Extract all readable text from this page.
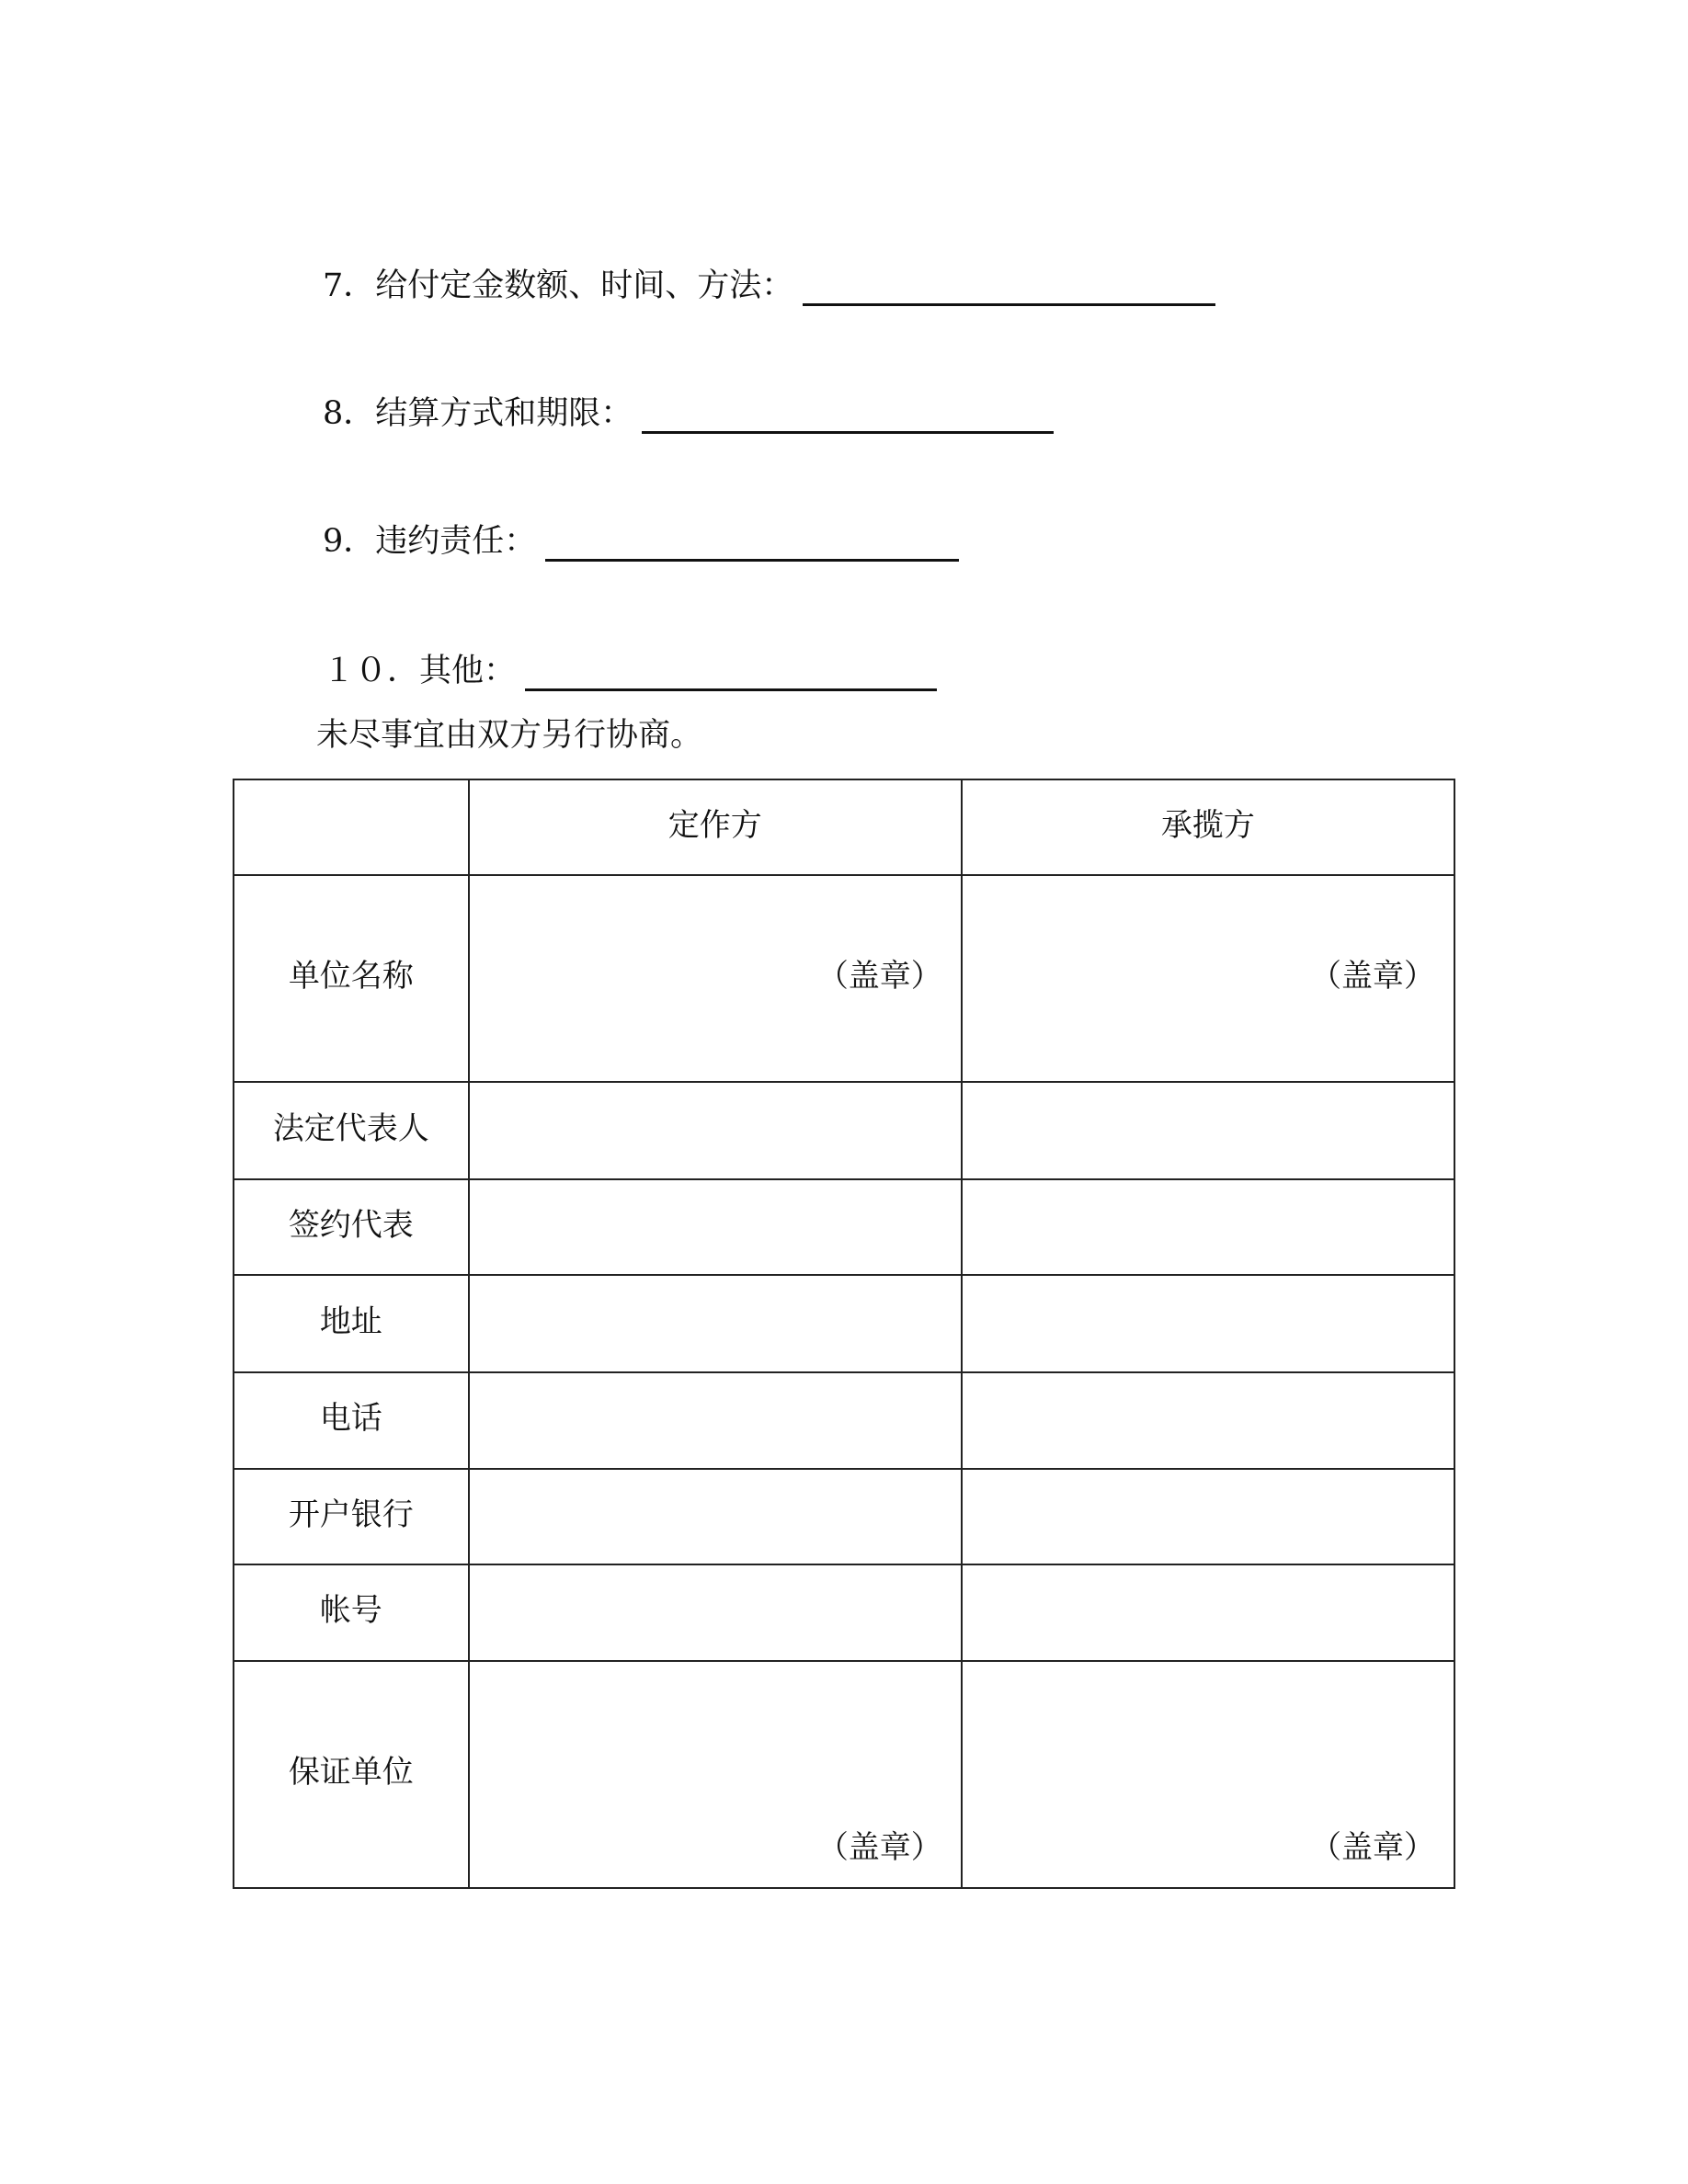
7．给付定金数额、时间、方法：
8．结算方式和期限：
9．违约责任：
１０．其他：
未尽事宜由双方另行协商。
	定作方	承揽方
单位名称	（盖章）	（盖章）

法定代表人		
签约代表		
地址		
电话		
开户银行		
帐号		
保证单位	（盖章）	（盖章）
